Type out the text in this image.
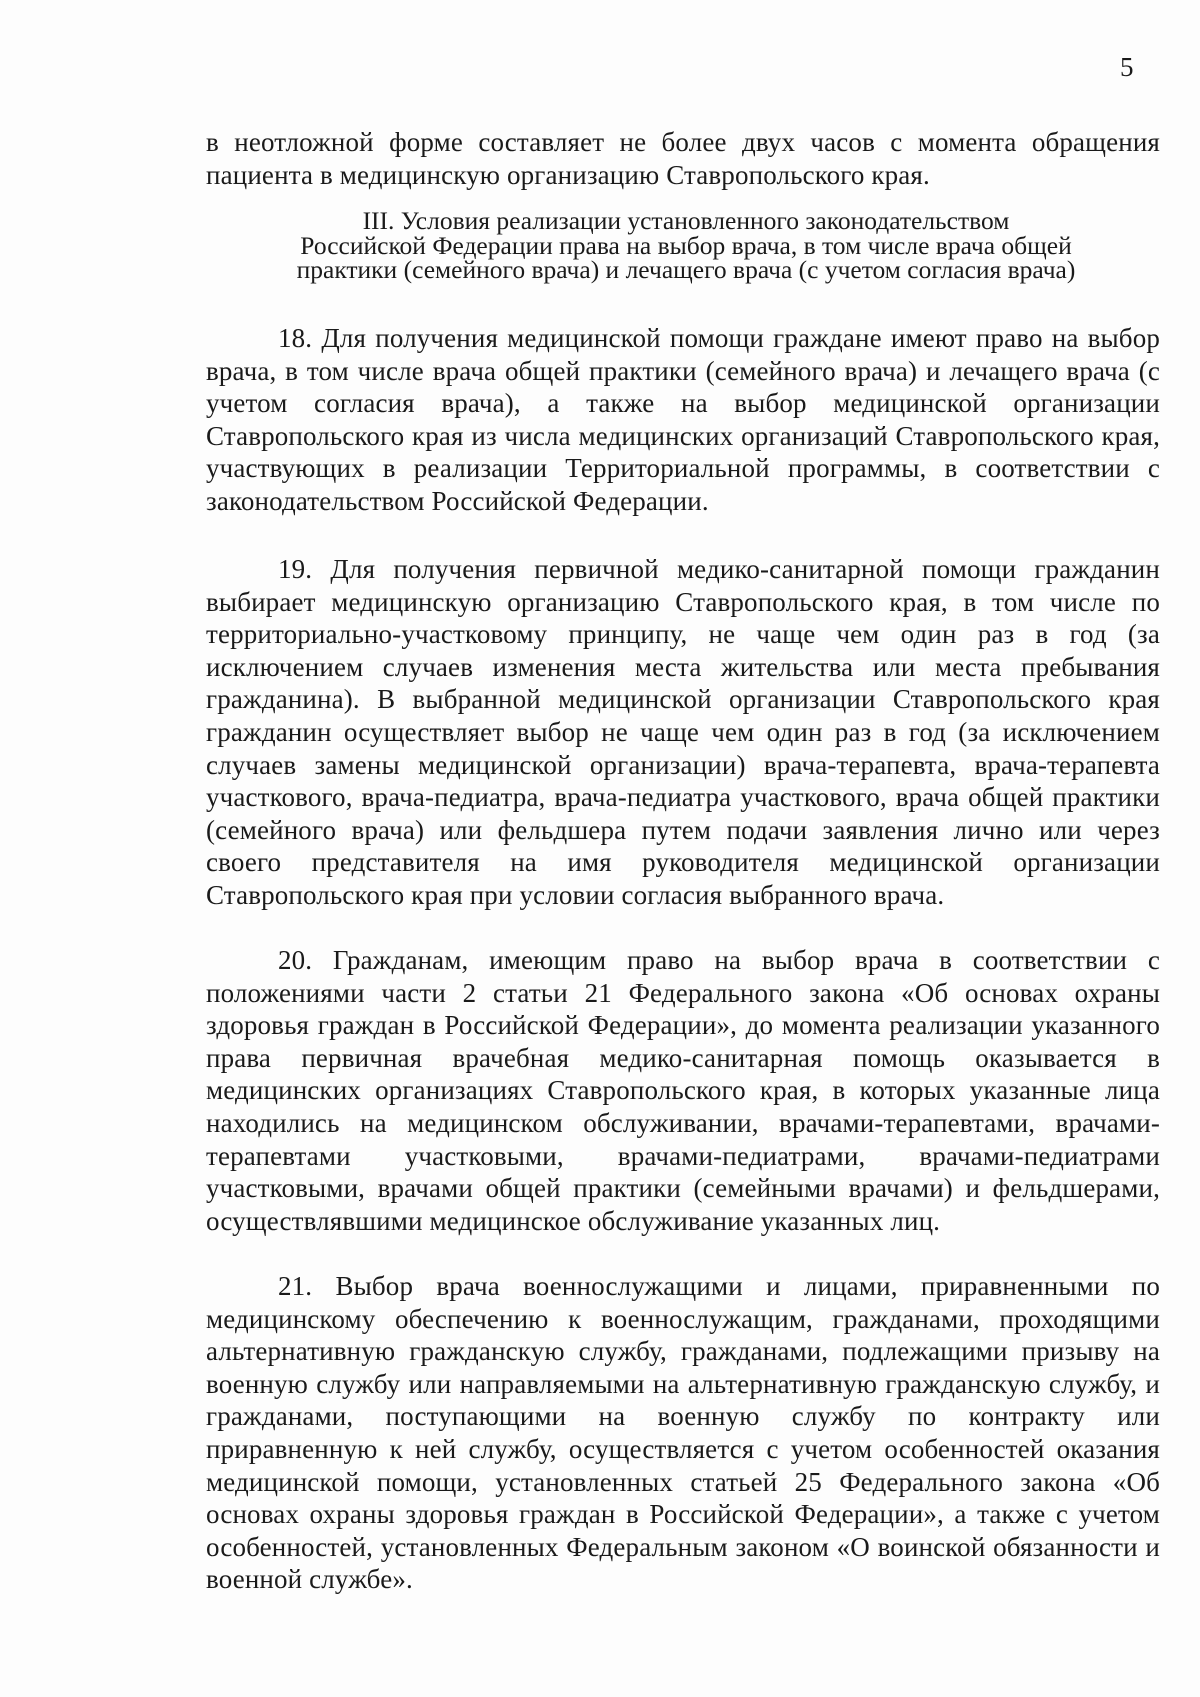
5
в неотложной форме составляет не более двух часов с момента обращения пациента в медицинскую организацию Ставропольского края.
III. Условия реализации установленного законодательством
Российской Федерации права на выбор врача, в том числе врача общей
практики (семейного врача) и лечащего врача (с учетом согласия врача)
18. Для получения медицинской помощи граждане имеют право на выбор врача, в том числе врача общей практики (семейного врача) и лечащего врача (с учетом согласия врача), а также на выбор медицинской организации Ставропольского края из числа медицинских организаций Ставропольского края, участвующих в реализации Территориальной программы, в соответствии с законодательством Российской Федерации.
19. Для получения первичной медико-санитарной помощи гражданин выбирает медицинскую организацию Ставропольского края, в том числе по территориально-участковому принципу, не чаще чем один раз в год (за исключением случаев изменения места жительства или места пребывания гражданина). В выбранной медицинской организации Ставропольского края гражданин осуществляет выбор не чаще чем один раз в год (за исключением случаев замены медицинской организации) врача-терапевта, врача-терапевта участкового, врача-педиатра, врача-педиатра участкового, врача общей практики (семейного врача) или фельдшера путем подачи заявления лично или через своего представителя на имя руководителя медицинской организации Ставропольского края при условии согласия выбранного врача.
20. Гражданам, имеющим право на выбор врача в соответствии с положениями части 2 статьи 21 Федерального закона «Об основах охраны здоровья граждан в Российской Федерации», до момента реализации указанного права первичная врачебная медико-санитарная помощь оказывается в медицинских организациях Ставропольского края, в которых указанные лица находились на медицинском обслуживании, врачами-терапевтами, врачами-терапевтами участковыми, врачами-педиатрами, врачами-педиатрами участковыми, врачами общей практики (семейными врачами) и фельдшерами, осуществлявшими медицинское обслуживание указанных лиц.
21. Выбор врача военнослужащими и лицами, приравненными по медицинскому обеспечению к военнослужащим, гражданами, проходящими альтернативную гражданскую службу, гражданами, подлежащими призыву на военную службу или направляемыми на альтернативную гражданскую службу, и гражданами, поступающими на военную службу по контракту или приравненную к ней службу, осуществляется с учетом особенностей оказания медицинской помощи, установленных статьей 25 Федерального закона «Об основах охраны здоровья граждан в Российской Федерации», а также с учетом особенностей, установленных Федеральным законом «О воинской обязанности и военной службе».
